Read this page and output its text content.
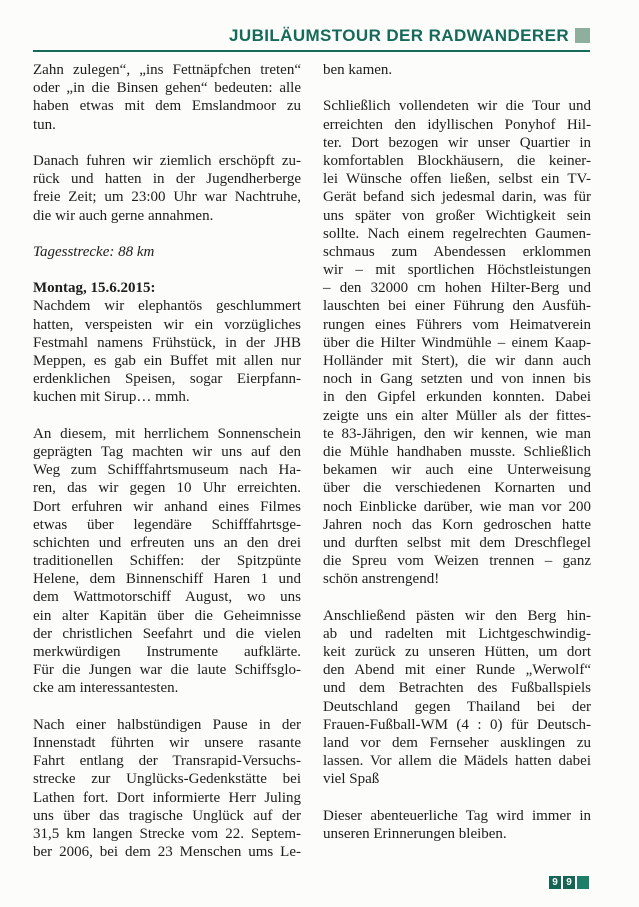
JUBILÄUMSTOUR DER RADWANDERER
Zahn zulegen“, „ins Fettnäpfchen treten“
oder „in die Binsen gehen“ bedeuten: alle
haben etwas mit dem Emslandmoor zu
tun.
Danach fuhren wir ziemlich erschöpft zu-
rück und hatten in der Jugendherberge
freie Zeit; um 23:00 Uhr war Nachtruhe,
die wir auch gerne annahmen.
Tagesstrecke: 88 km
Montag, 15.6.2015:
Nachdem wir elephantös geschlummert
hatten, verspeisten wir ein vorzügliches
Festmahl namens Frühstück, in der JHB
Meppen, es gab ein Buffet mit allen nur
erdenklichen Speisen, sogar Eierpfann-
kuchen mit Sirup… mmh.
An diesem, mit herrlichem Sonnenschein
geprägten Tag machten wir uns auf den
Weg zum Schifffahrtsmuseum nach Ha-
ren, das wir gegen 10 Uhr erreichten.
Dort erfuhren wir anhand eines Filmes
etwas über legendäre Schifffahrtsge-
schichten und erfreuten uns an den drei
traditionellen Schiffen: der Spitzpünte
Helene, dem Binnenschiff Haren 1 und
dem Wattmotorschiff August, wo uns
ein alter Kapitän über die Geheimnisse
der christlichen Seefahrt und die vielen
merkwürdigen Instrumente aufklärte.
Für die Jungen war die laute Schiffsglo-
cke am interessantesten.
Nach einer halbstündigen Pause in der
Innenstadt führten wir unsere rasante
Fahrt entlang der Transrapid-Versuchs-
strecke zur Unglücks-Gedenkstätte bei
Lathen fort. Dort informierte Herr Juling
uns über das tragische Unglück auf der
31,5 km langen Strecke vom 22. Septem-
ber 2006, bei dem 23 Menschen ums Le-
ben kamen.
Schließlich vollendeten wir die Tour und
erreichten den idyllischen Ponyhof Hil-
ter. Dort bezogen wir unser Quartier in
komfortablen Blockhäusern, die keiner-
lei Wünsche offen ließen, selbst ein TV-
Gerät befand sich jedesmal darin, was für
uns später von großer Wichtigkeit sein
sollte. Nach einem regelrechten Gaumen-
schmaus zum Abendessen erklommen
wir – mit sportlichen Höchstleistungen
– den 32000 cm hohen Hilter-Berg und
lauschten bei einer Führung den Ausfüh-
rungen eines Führers vom Heimatverein
über die Hilter Windmühle – einem Kaap-
Holländer mit Stert), die wir dann auch
noch in Gang setzten und von innen bis
in den Gipfel erkunden konnten. Dabei
zeigte uns ein alter Müller als der fittes-
te 83-Jährigen, den wir kennen, wie man
die Mühle handhaben musste. Schließlich
bekamen wir auch eine Unterweisung
über die verschiedenen Kornarten und
noch Einblicke darüber, wie man vor 200
Jahren noch das Korn gedroschen hatte
und durften selbst mit dem Dreschflegel
die Spreu vom Weizen trennen – ganz
schön anstrengend!
Anschließend pästen wir den Berg hin-
ab und radelten mit Lichtgeschwindig-
keit zurück zu unseren Hütten, um dort
den Abend mit einer Runde „Werwolf“
und dem Betrachten des Fußballspiels
Deutschland gegen Thailand bei der
Frauen-Fußball-WM (4 : 0) für Deutsch-
land vor dem Fernseher ausklingen zu
lassen. Vor allem die Mädels hatten dabei
viel Spaß
Dieser abenteuerliche Tag wird immer in
unseren Erinnerungen bleiben.
9 9
